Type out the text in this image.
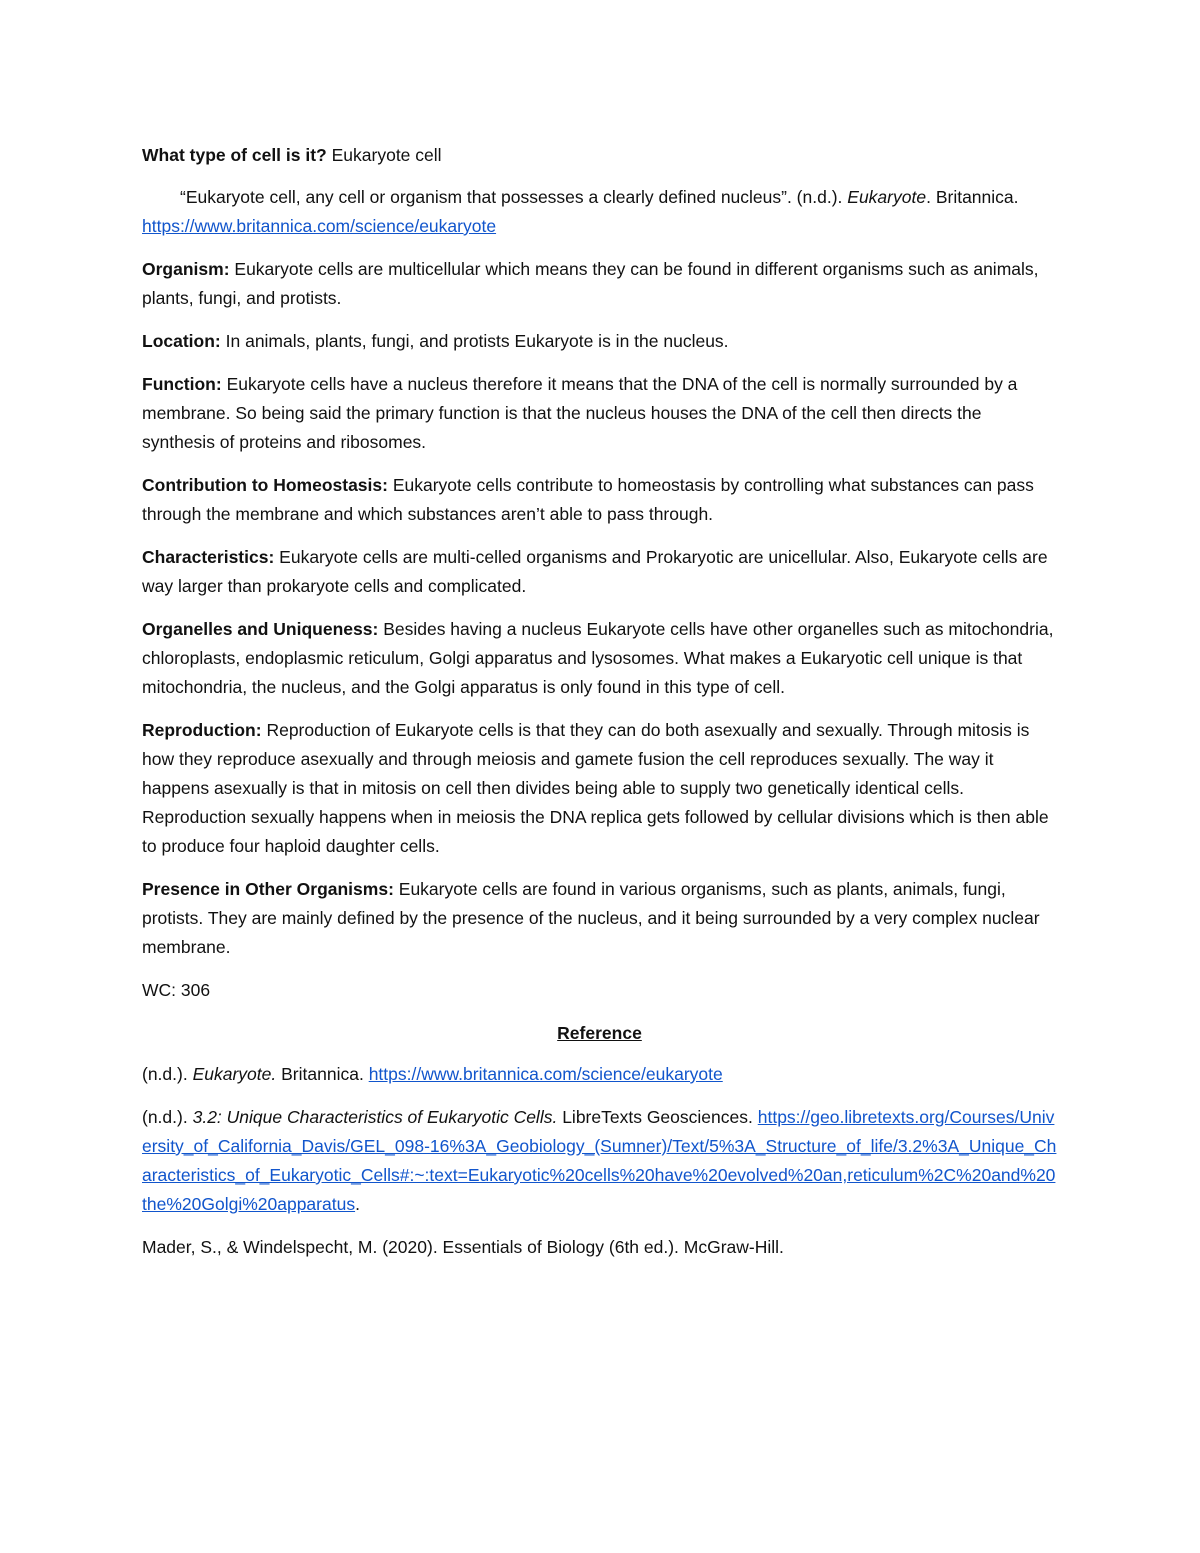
What type of cell is it? Eukaryote cell

“Eukaryote cell, any cell or organism that possesses a clearly defined nucleus”. (n.d.). Eukaryote. Britannica. https://www.britannica.com/science/eukaryote

Organism: Eukaryote cells are multicellular which means they can be found in different organisms such as animals, plants, fungi, and protists.

Location: In animals, plants, fungi, and protists Eukaryote is in the nucleus.

Function: Eukaryote cells have a nucleus therefore it means that the DNA of the cell is normally surrounded by a membrane. So being said the primary function is that the nucleus houses the DNA of the cell then directs the synthesis of proteins and ribosomes.

Contribution to Homeostasis: Eukaryote cells contribute to homeostasis by controlling what substances can pass through the membrane and which substances aren’t able to pass through.

Characteristics: Eukaryote cells are multi-celled organisms and Prokaryotic are unicellular. Also, Eukaryote cells are way larger than prokaryote cells and complicated.

Organelles and Uniqueness: Besides having a nucleus Eukaryote cells have other organelles such as mitochondria, chloroplasts, endoplasmic reticulum, Golgi apparatus and lysosomes. What makes a Eukaryotic cell unique is that mitochondria, the nucleus, and the Golgi apparatus is only found in this type of cell.

Reproduction: Reproduction of Eukaryote cells is that they can do both asexually and sexually. Through mitosis is how they reproduce asexually and through meiosis and gamete fusion the cell reproduces sexually. The way it happens asexually is that in mitosis on cell then divides being able to supply two genetically identical cells. Reproduction sexually happens when in meiosis the DNA replica gets followed by cellular divisions which is then able to produce four haploid daughter cells.

Presence in Other Organisms: Eukaryote cells are found in various organisms, such as plants, animals, fungi, protists. They are mainly defined by the presence of the nucleus, and it being surrounded by a very complex nuclear membrane.

WC: 306

Reference

(n.d.). Eukaryote. Britannica. https://www.britannica.com/science/eukaryote

(n.d.). 3.2: Unique Characteristics of Eukaryotic Cells. LibreTexts Geosciences. https://geo.libretexts.org/Courses/University_of_California_Davis/GEL_098-16%3A_Geobiology_(Sumner)/Text/5%3A_Structure_of_life/3.2%3A_Unique_Characteristics_of_Eukaryotic_Cells#:~:text=Eukaryotic%20cells%20have%20evolved%20an,reticulum%2C%20and%20the%20Golgi%20apparatus.

Mader, S., & Windelspecht, M. (2020). Essentials of Biology (6th ed.). McGraw-Hill.
